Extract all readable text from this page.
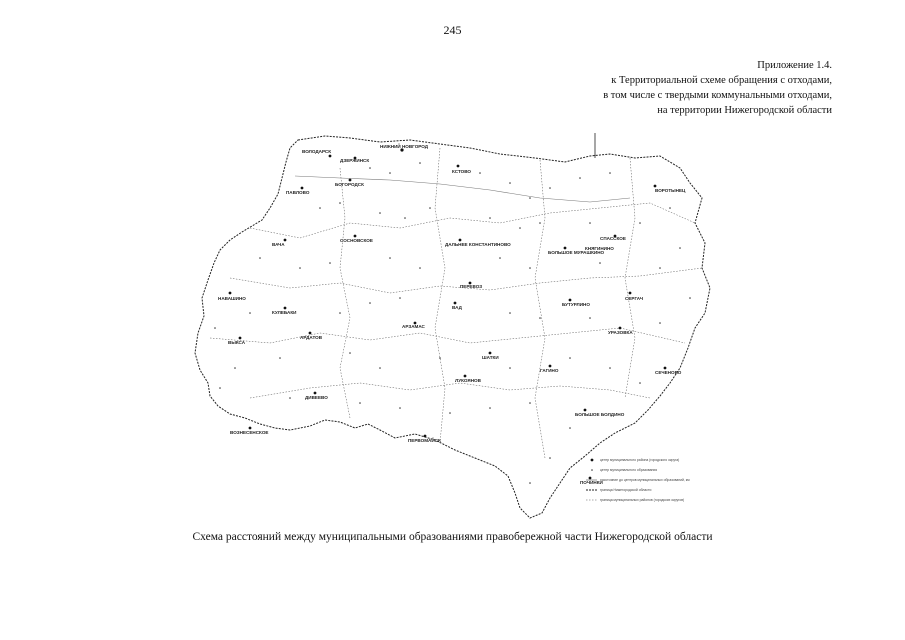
245
Приложение 1.4.
к Территориальной схеме обращения с отходами,
в том числе с твердыми коммунальными отходами,
на территории Нижегородской области
НИЖНИЙ НОВГОРОД
ВОЛОДАРСК
ДЗЕРЖИНСК
КСТОВО
БОГОРОДСК
ПАВЛОВО
СОСНОВСКОЕ
ВАЧА	ДАЛЬНЕЕ КОНСТАНТИНОВО
БОЛЬШОЕ МУРАШКИНО
КНЯГИНИНО
ВОРОТЫНЕЦ
СПАССКОЕ
ПЕРЕВОЗ
БУТУРЛИНО
СЕРГАЧ
КУЛЕБАКИ
НАВАШИНО
ВЫКСА
АРЗАМАС
УРАЗОВКА
АРДАТОВ
ВАД
ЛУКОЯНОВ
ГАГИНО	СЕЧЕНОВО
ДИВЕЕВО
ВОЗНЕСЕНСКОЕ
ПЕРВОМАЙСК
БОЛЬШОЕ БОЛДИНО
ПОЧИНКИ
ШАТКИ
центр муниципального района (городского округа)
центр муниципального образования
расстояние до центров муниципальных образований, км
граница Нижегородской области
граница муниципальных районов (городских округов)
Схема расстояний между муниципальными образованиями правобережной части Нижегородской области
